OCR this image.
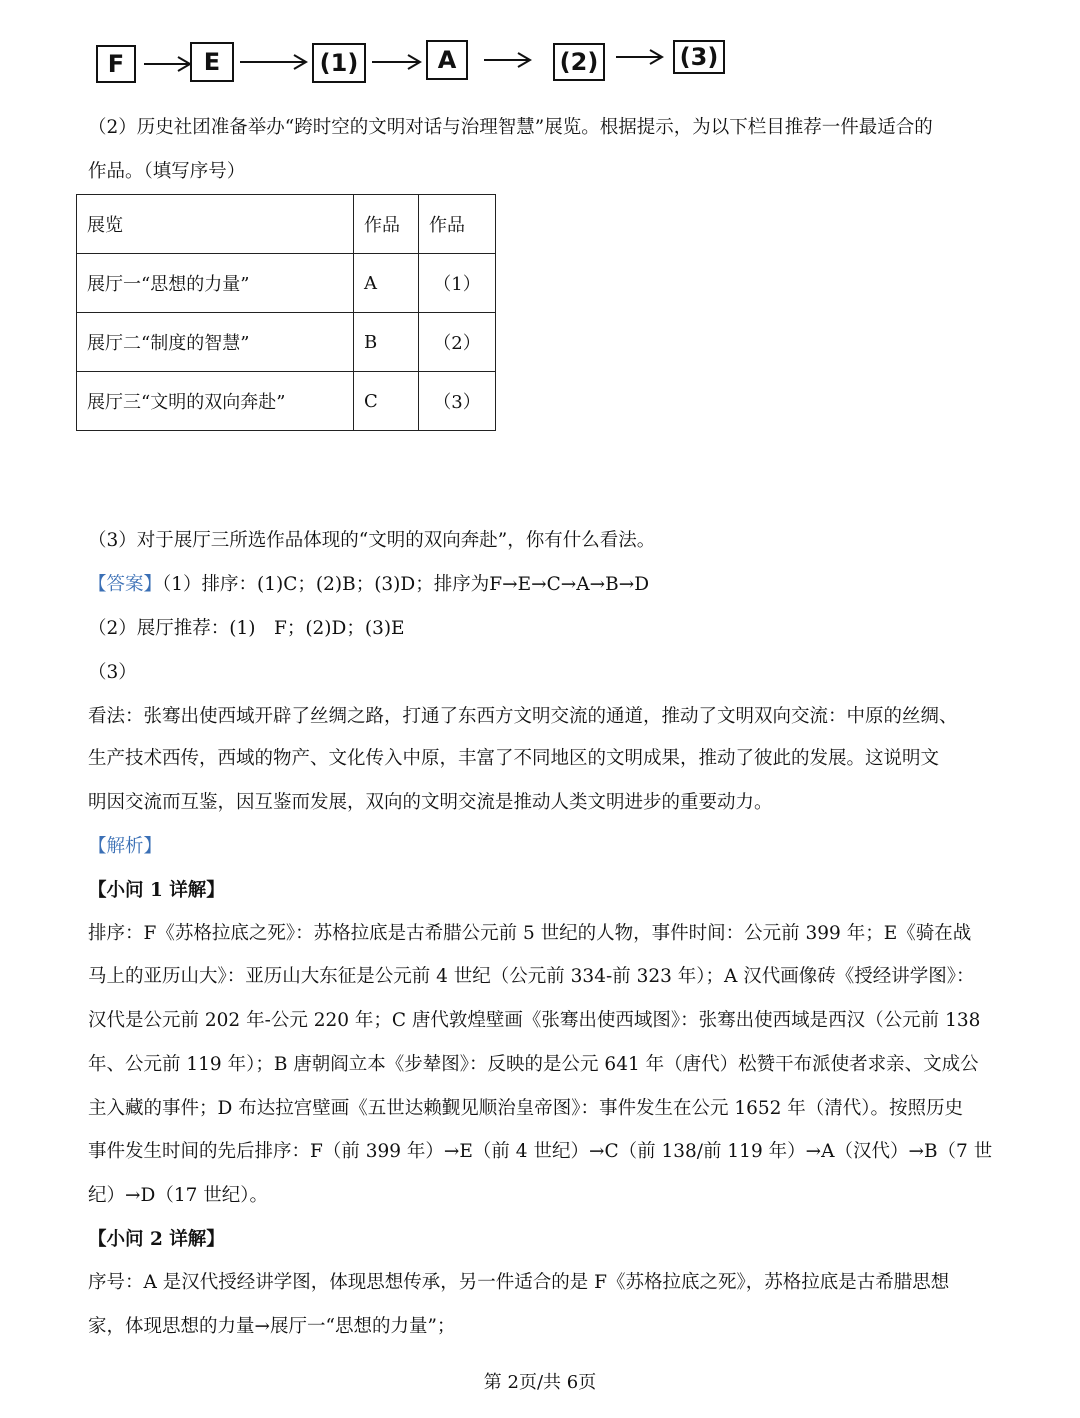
F	E	(1)	A	(2)	(3)
（2）历史社团准备举办“跨时空的文明对话与治理智慧”展览。根据提示，为以下栏目推荐一件最适合的
作品。（填写序号）
展览	作品	作品
展厅一“思想的力量”	A	（1）
展厅二“制度的智慧”	B	（2）
展厅三“文明的双向奔赴”	C	（3）
（3）对于展厅三所选作品体现的“文明的双向奔赴”，你有什么看法。
【答案】（1）排序：(1)C；(2)B；(3)D；排序为F→E→C→A→B→D
（2）展厅推荐：(1)　F；(2)D；(3)E
（3）
看法：张骞出使西域开辟了丝绸之路，打通了东西方文明交流的通道，推动了文明双向交流：中原的丝绸、
生产技术西传，西域的物产、文化传入中原，丰富了不同地区的文明成果，推动了彼此的发展。这说明文
明因交流而互鉴，因互鉴而发展，双向的文明交流是推动人类文明进步的重要动力。
【解析】
【小问 1 详解】
排序：F《苏格拉底之死》：苏格拉底是古希腊公元前 5 世纪的人物，事件时间：公元前 399 年；E《骑在战
马上的亚历山大》：亚历山大东征是公元前 4 世纪（公元前 334-前 323 年）；A 汉代画像砖《授经讲学图》：
汉代是公元前 202 年-公元 220 年；C 唐代敦煌壁画《张骞出使西域图》：张骞出使西域是西汉（公元前 138
年、公元前 119 年）；B 唐朝阎立本《步辇图》：反映的是公元 641 年（唐代）松赞干布派使者求亲、文成公
主入藏的事件；D 布达拉宫壁画《五世达赖觐见顺治皇帝图》：事件发生在公元 1652 年（清代）。按照历史
事件发生时间的先后排序：F（前 399 年）→E（前 4 世纪）→C（前 138/前 119 年）→A（汉代）→B（7 世
纪）→D（17 世纪）。
【小问 2 详解】
序号：A 是汉代授经讲学图，体现思想传承，另一件适合的是 F《苏格拉底之死》，苏格拉底是古希腊思想
家，体现思想的力量→展厅一“思想的力量”；
第 2页/共 6页
